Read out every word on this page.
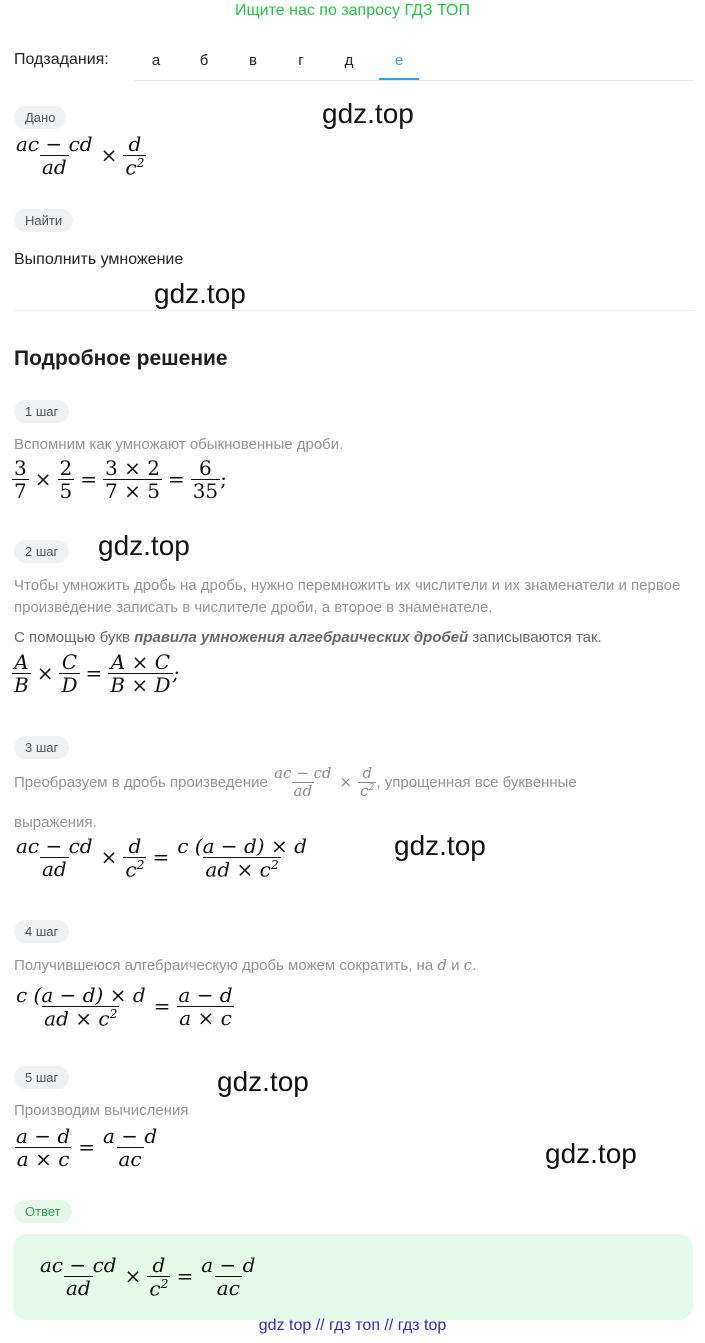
Ищите нас по запросу ГДЗ ТОП
Подзадания:	а	б	в	г	д	е
Дано
$\frac{ac - cd}{ad} \times \frac{d}{c^2}$
Найти
Выполнить умножение
Подробное решение
1 шаг
Вспомним как умножают обыкновенные дроби.
$\frac{3}{7} \times \frac{2}{5} = \frac{3 \times 2}{7 \times 5} = \frac{6}{35}$ ;
2 шаг
Чтобы умножить дробь на дробь, нужно перемножить их числители и их знаменатели и первое произведение записать в числителе дроби, а второе в знаменателе.
С помощью букв правила умножения алгебраических дробей записываются так.
$\frac{A}{B} \times \frac{C}{D} = \frac{A \times C}{B \times D}$ ;
3 шаг
Преобразуем в дробь произведение $\frac{ac - cd}{ad} \times \frac{d}{c^2}$ , упрощенная все буквенные
выражения.
$\frac{ac - cd}{ad} \times \frac{d}{c^2} = \frac{c (a - d) \times d}{ad \times c^2}$
4 шаг
Получившеюся алгебраическую дробь можем сократить, на d и c.
$\frac{c (a - d) \times d}{ad \times c^2} = \frac{a - d}{a \times c}$
5 шаг
Производим вычисления
$\frac{a - d}{a \times c} = \frac{a - d}{ac}$
Ответ
$\frac{ac - cd}{ad} \times \frac{d}{c^2} = \frac{a - d}{ac}$
gdz.top
gdz.top
gdz.top
gdz.top
gdz.top
gdz.top
gdz top // гдз топ // гдз top
